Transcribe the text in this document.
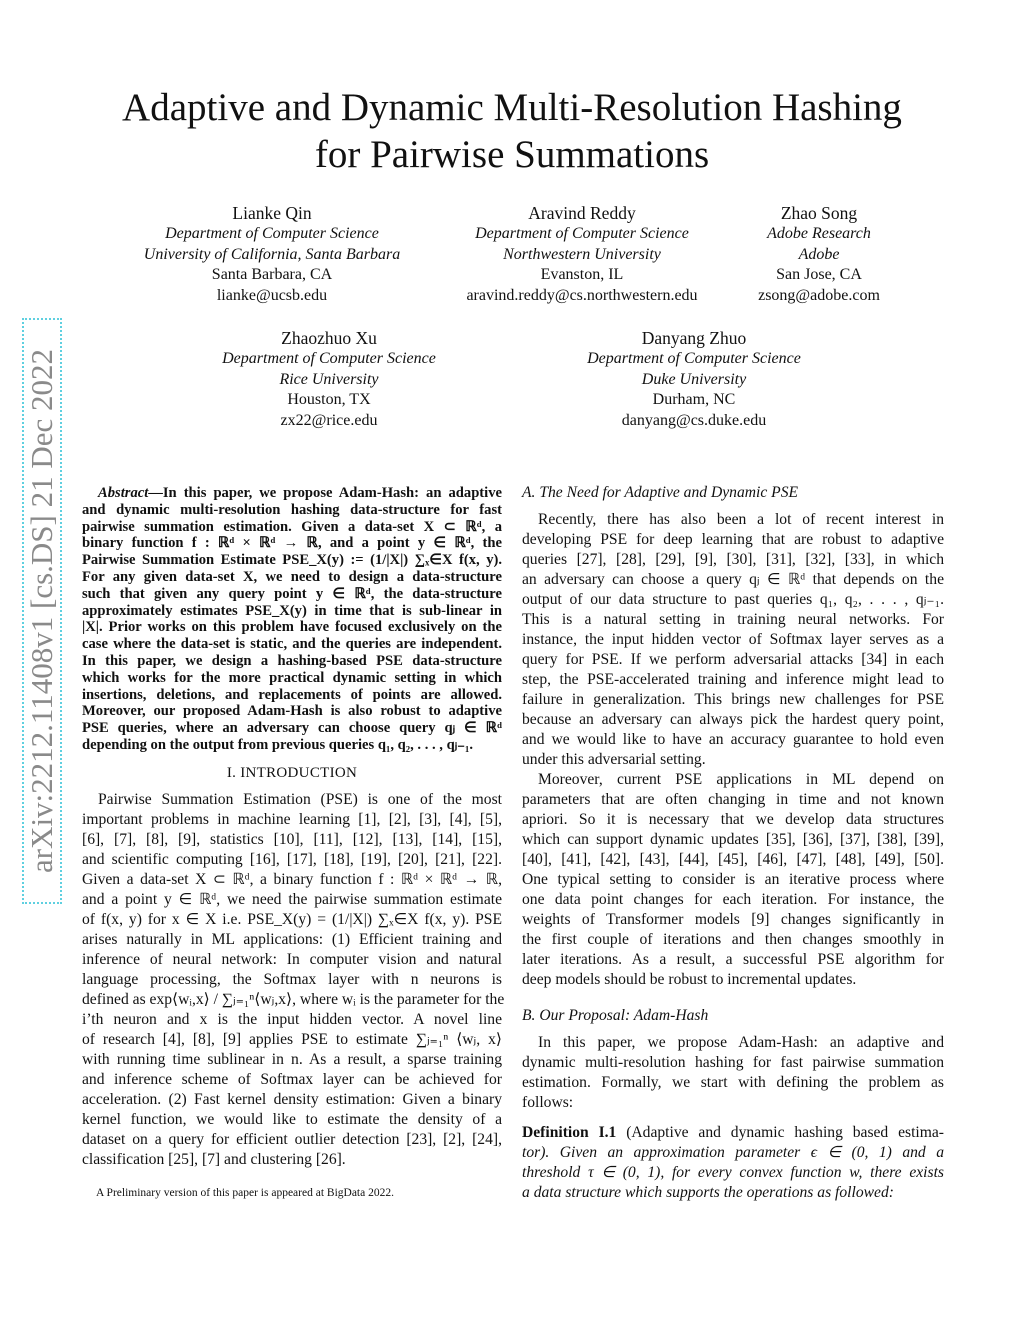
arXiv:2212.11408v1 [cs.DS] 21 Dec 2022
Adaptive and Dynamic Multi-Resolution Hashing
for Pairwise Summations
Lianke Qin
Department of Computer Science
University of California, Santa Barbara
Santa Barbara, CA
lianke@ucsb.edu
Aravind Reddy
Department of Computer Science
Northwestern University
Evanston, IL
aravind.reddy@cs.northwestern.edu
Zhao Song
Adobe Research
Adobe
San Jose, CA
zsong@adobe.com
Zhaozhuo Xu
Department of Computer Science
Rice University
Houston, TX
zx22@rice.edu
Danyang Zhuo
Department of Computer Science
Duke University
Durham, NC
danyang@cs.duke.edu
Abstract—In this paper, we propose Adam-Hash: an adaptive
and dynamic multi-resolution hashing data-structure for fast
pairwise summation estimation. Given a data-set X ⊂ ℝᵈ, a
binary function f : ℝᵈ × ℝᵈ → ℝ, and a point y ∈ ℝᵈ, the
Pairwise Summation Estimate PSE_X(y) := (1/|X|) ∑ₓ∈X f(x, y).
For any given data-set X, we need to design a data-structure
such that given any query point y ∈ ℝᵈ, the data-structure
approximately estimates PSE_X(y) in time that is sub-linear in
|X|. Prior works on this problem have focused exclusively on the
case where the data-set is static, and the queries are independent.
In this paper, we design a hashing-based PSE data-structure
which works for the more practical dynamic setting in which
insertions, deletions, and replacements of points are allowed.
Moreover, our proposed Adam-Hash is also robust to adaptive
PSE queries, where an adversary can choose query qⱼ ∈ ℝᵈ
depending on the output from previous queries q₁, q₂, . . . , qⱼ₋₁.
I. INTRODUCTION
Pairwise Summation Estimation (PSE) is one of the most
important problems in machine learning [1], [2], [3], [4], [5],
[6], [7], [8], [9], statistics [10], [11], [12], [13], [14], [15],
and scientific computing [16], [17], [18], [19], [20], [21], [22].
Given a data-set X ⊂ ℝᵈ, a binary function f : ℝᵈ × ℝᵈ → ℝ,
and a point y ∈ ℝᵈ, we need the pairwise summation estimate
of f(x, y) for x ∈ X i.e. PSE_X(y) = (1/|X|) ∑ₓ∈X f(x, y). PSE
arises naturally in ML applications: (1) Efficient training and
inference of neural network: In computer vision and natural
language processing, the Softmax layer with n neurons is
defined as exp⟨wᵢ,x⟩ / ∑ⱼ₌₁ⁿ⟨wⱼ,x⟩, where wᵢ is the parameter for the
i’th neuron and x is the input hidden vector. A novel line
of research [4], [8], [9] applies PSE to estimate ∑ⱼ₌₁ⁿ ⟨wⱼ, x⟩
with running time sublinear in n. As a result, a sparse training
and inference scheme of Softmax layer can be achieved for
acceleration. (2) Fast kernel density estimation: Given a binary
kernel function, we would like to estimate the density of a
dataset on a query for efficient outlier detection [23], [2], [24],
classification [25], [7] and clustering [26].
A Preliminary version of this paper is appeared at BigData 2022.
A. The Need for Adaptive and Dynamic PSE
Recently, there has also been a lot of recent interest in
developing PSE for deep learning that are robust to adaptive
queries [27], [28], [29], [9], [30], [31], [32], [33], in which
an adversary can choose a query qⱼ ∈ ℝᵈ that depends on the
output of our data structure to past queries q₁, q₂, . . . , qⱼ₋₁.
This is a natural setting in training neural networks. For
instance, the input hidden vector of Softmax layer serves as a
query for PSE. If we perform adversarial attacks [34] in each
step, the PSE-accelerated training and inference might lead to
failure in generalization. This brings new challenges for PSE
because an adversary can always pick the hardest query point,
and we would like to have an accuracy guarantee to hold even
under this adversarial setting.
Moreover, current PSE applications in ML depend on
parameters that are often changing in time and not known
apriori. So it is necessary that we develop data structures
which can support dynamic updates [35], [36], [37], [38], [39],
[40], [41], [42], [43], [44], [45], [46], [47], [48], [49], [50].
One typical setting to consider is an iterative process where
one data point changes for each iteration. For instance, the
weights of Transformer models [9] changes significantly in
the first couple of iterations and then changes smoothly in
later iterations. As a result, a successful PSE algorithm for
deep models should be robust to incremental updates.
B. Our Proposal: Adam-Hash
In this paper, we propose Adam-Hash: an adaptive and
dynamic multi-resolution hashing for fast pairwise summation
estimation. Formally, we start with defining the problem as
follows:
Definition I.1 (Adaptive and dynamic hashing based estima-
tor). Given an approximation parameter ϵ ∈ (0, 1) and a
threshold τ ∈ (0, 1), for every convex function w, there exists
a data structure which supports the operations as followed:
